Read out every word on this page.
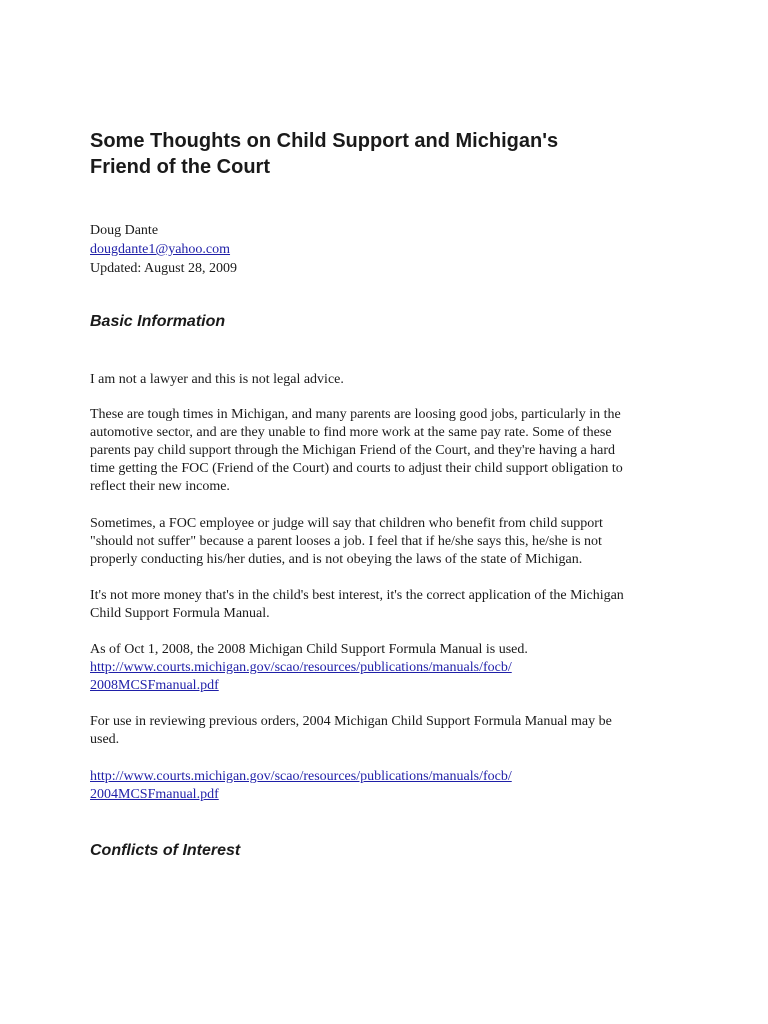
Some Thoughts on Child Support and Michigan's
Friend of the Court
Doug Dante
dougdante1@yahoo.com
Updated: August 28, 2009
Basic Information

I am not a lawyer and this is not legal advice.

These are tough times in Michigan, and many parents are loosing good jobs, particularly in the
automotive sector, and are they unable to find more work at the same pay rate. Some of these
parents pay child support through the Michigan Friend of the Court, and they're having a hard
time getting the FOC (Friend of the Court) and courts to adjust their child support obligation to
reflect their new income.

Sometimes, a FOC employee or judge will say that children who benefit from child support
"should not suffer" because a parent looses a job. I feel that if he/she says this, he/she is not
properly conducting his/her duties, and is not obeying the laws of the state of Michigan.

It's not more money that's in the child's best interest, it's the correct application of the Michigan
Child Support Formula Manual.

As of Oct 1, 2008, the 2008 Michigan Child Support Formula Manual is used.
http://www.courts.michigan.gov/scao/resources/publications/manuals/focb/
2008MCSFmanual.pdf

For use in reviewing previous orders, 2004 Michigan Child Support Formula Manual may be
used.

http://www.courts.michigan.gov/scao/resources/publications/manuals/focb/
2004MCSFmanual.pdf

Conflicts of Interest
